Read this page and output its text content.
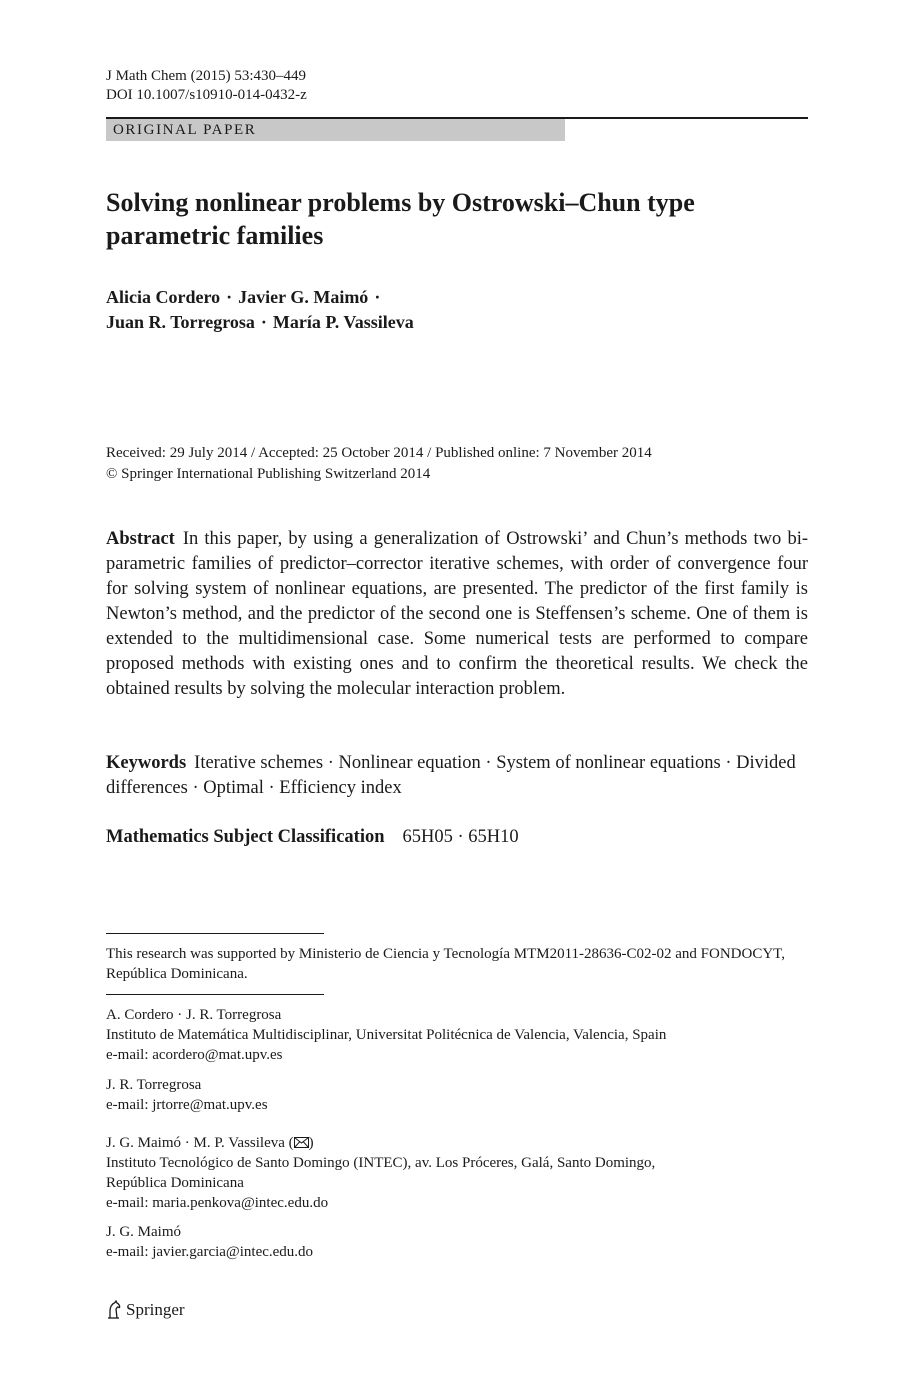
J Math Chem (2015) 53:430–449
DOI 10.1007/s10910-014-0432-z
ORIGINAL PAPER
Solving nonlinear problems by Ostrowski–Chun type
parametric families
Alicia Cordero · Javier G. Maimó ·
Juan R. Torregrosa · María P. Vassileva
Received: 29 July 2014 / Accepted: 25 October 2014 / Published online: 7 November 2014
© Springer International Publishing Switzerland 2014
Abstract In this paper, by using a generalization of Ostrowski’ and Chun’s methods two bi-parametric families of predictor–corrector iterative schemes, with order of convergence four for solving system of nonlinear equations, are presented. The predictor of the first family is Newton’s method, and the predictor of the second one is Steffensen’s scheme. One of them is extended to the multidimensional case. Some numerical tests are performed to compare proposed methods with existing ones and to confirm the theoretical results. We check the obtained results by solving the molecular interaction problem.
Keywords Iterative schemes · Nonlinear equation · System of nonlinear equations · Divided differences · Optimal · Efficiency index
Mathematics Subject Classification 65H05 · 65H10
This research was supported by Ministerio de Ciencia y Tecnología MTM2011-28636-C02-02 and FONDOCYT, República Dominicana.
A. Cordero · J. R. Torregrosa
Instituto de Matemática Multidisciplinar, Universitat Politécnica de Valencia, Valencia, Spain
e-mail: acordero@mat.upv.es
J. R. Torregrosa
e-mail: jrtorre@mat.upv.es
J. G. Maimó · M. P. Vassileva ( )
Instituto Tecnológico de Santo Domingo (INTEC), av. Los Próceres, Galá, Santo Domingo,
República Dominicana
e-mail: maria.penkova@intec.edu.do
J. G. Maimó
e-mail: javier.garcia@intec.edu.do
Springer
